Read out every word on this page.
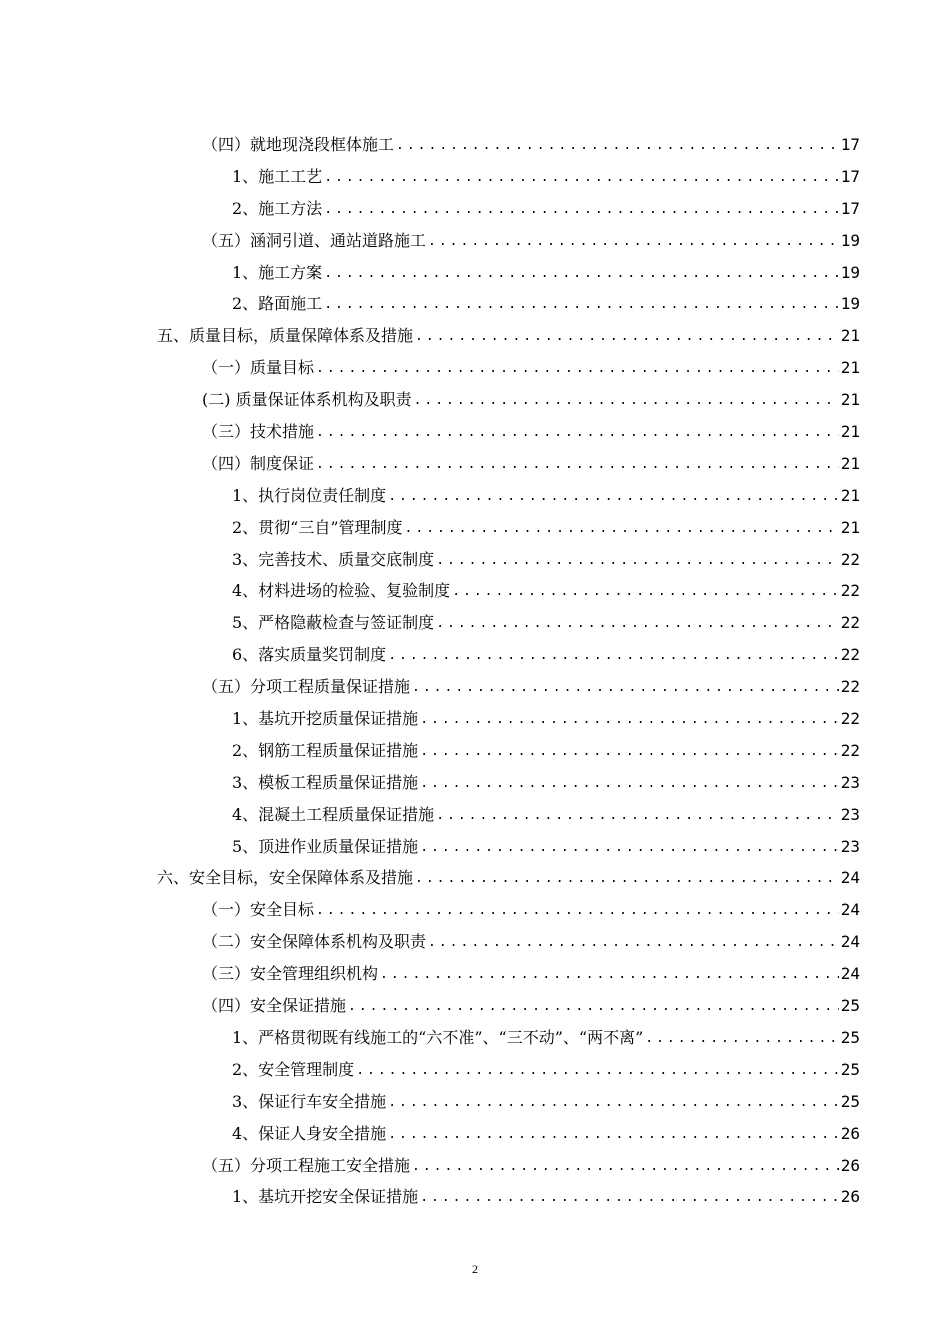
（四）就地现浇段框体施工 .....	17
1、施工工艺 .....	17
2、施工方法 .....	17
（五）涵洞引道、通站道路施工 .....	19
1、施工方案 .....	19
2、路面施工 .....	19
五、质量目标，质量保障体系及措施 .....	21
（一）质量目标 .....	21
(二) 质量保证体系机构及职责 .....	21
（三）技术措施 .....	21
（四）制度保证 .....	21
1、执行岗位责任制度 .....	21
2、贯彻“三自”管理制度 .....	21
3、完善技术、质量交底制度 .....	22
4、材料进场的检验、复验制度 .....	22
5、严格隐蔽检查与签证制度 .....	22
6、落实质量奖罚制度 .....	22
（五）分项工程质量保证措施 .....	22
1、基坑开挖质量保证措施 .....	22
2、钢筋工程质量保证措施 .....	22
3、模板工程质量保证措施 .....	23
4、混凝土工程质量保证措施 .....	23
5、顶进作业质量保证措施 .....	23
六、安全目标，安全保障体系及措施 .....	24
（一）安全目标 .....	24
（二）安全保障体系机构及职责 .....	24
（三）安全管理组织机构 .....	24
（四）安全保证措施 .....	25
1、严格贯彻既有线施工的“六不准”、“三不动”、“两不离” .....	25
2、安全管理制度 .....	25
3、保证行车安全措施 .....	25
4、保证人身安全措施 .....	26
（五）分项工程施工安全措施 .....	26
1、基坑开挖安全保证措施 .....	26
2
